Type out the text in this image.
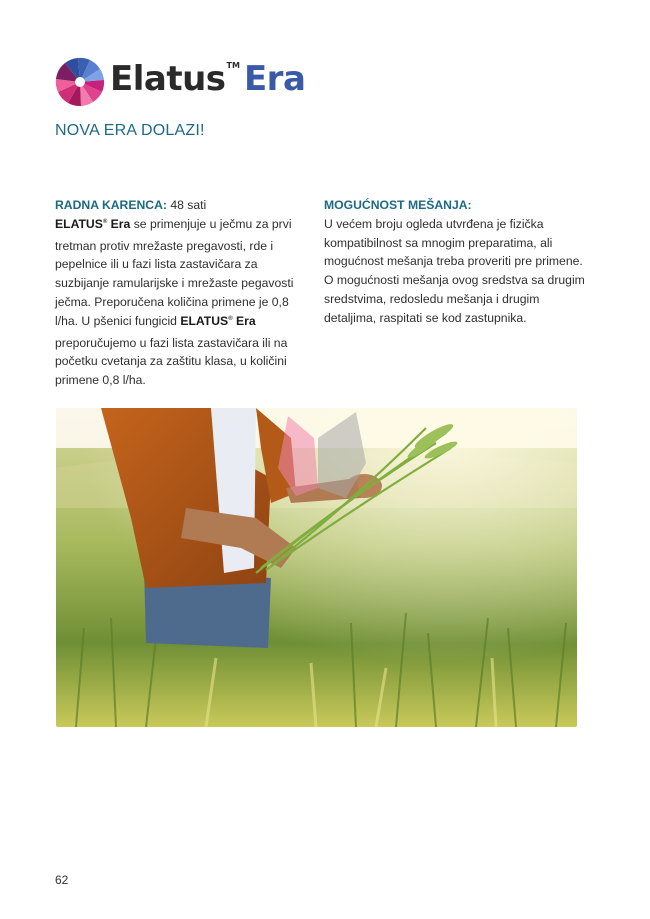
Elatus TM Era
NOVA ERA DOLAZI!

RADNA KARENCA: 48 sati

ELATUS® Era se primenjuje u ječmu za prvi tretman protiv mrežaste pregavosti, rde i pepelnice ili u fazi lista zastavičara za suzbijanje ramularijske i mrežaste pegavosti ječma. Preporučena količina primene je 0,8 l/ha. U pšenici fungicid ELATUS® Era preporučujemo u fazi lista zastavičara ili na početku cvetanja za zaštitu klasa, u količini primene 0,8 l/ha.

MOGUĆNOST MEŠANJA:

U većem broju ogleda utvrđena je fizička kompatibilnost sa mnogim preparatima, ali mogućnost mešanja treba proveriti pre primene. O mogućnosti mešanja ovog sredstva sa drugim sredstvima, redosledu mešanja i drugim detaljima, raspitati se kod zastupnika.

62
